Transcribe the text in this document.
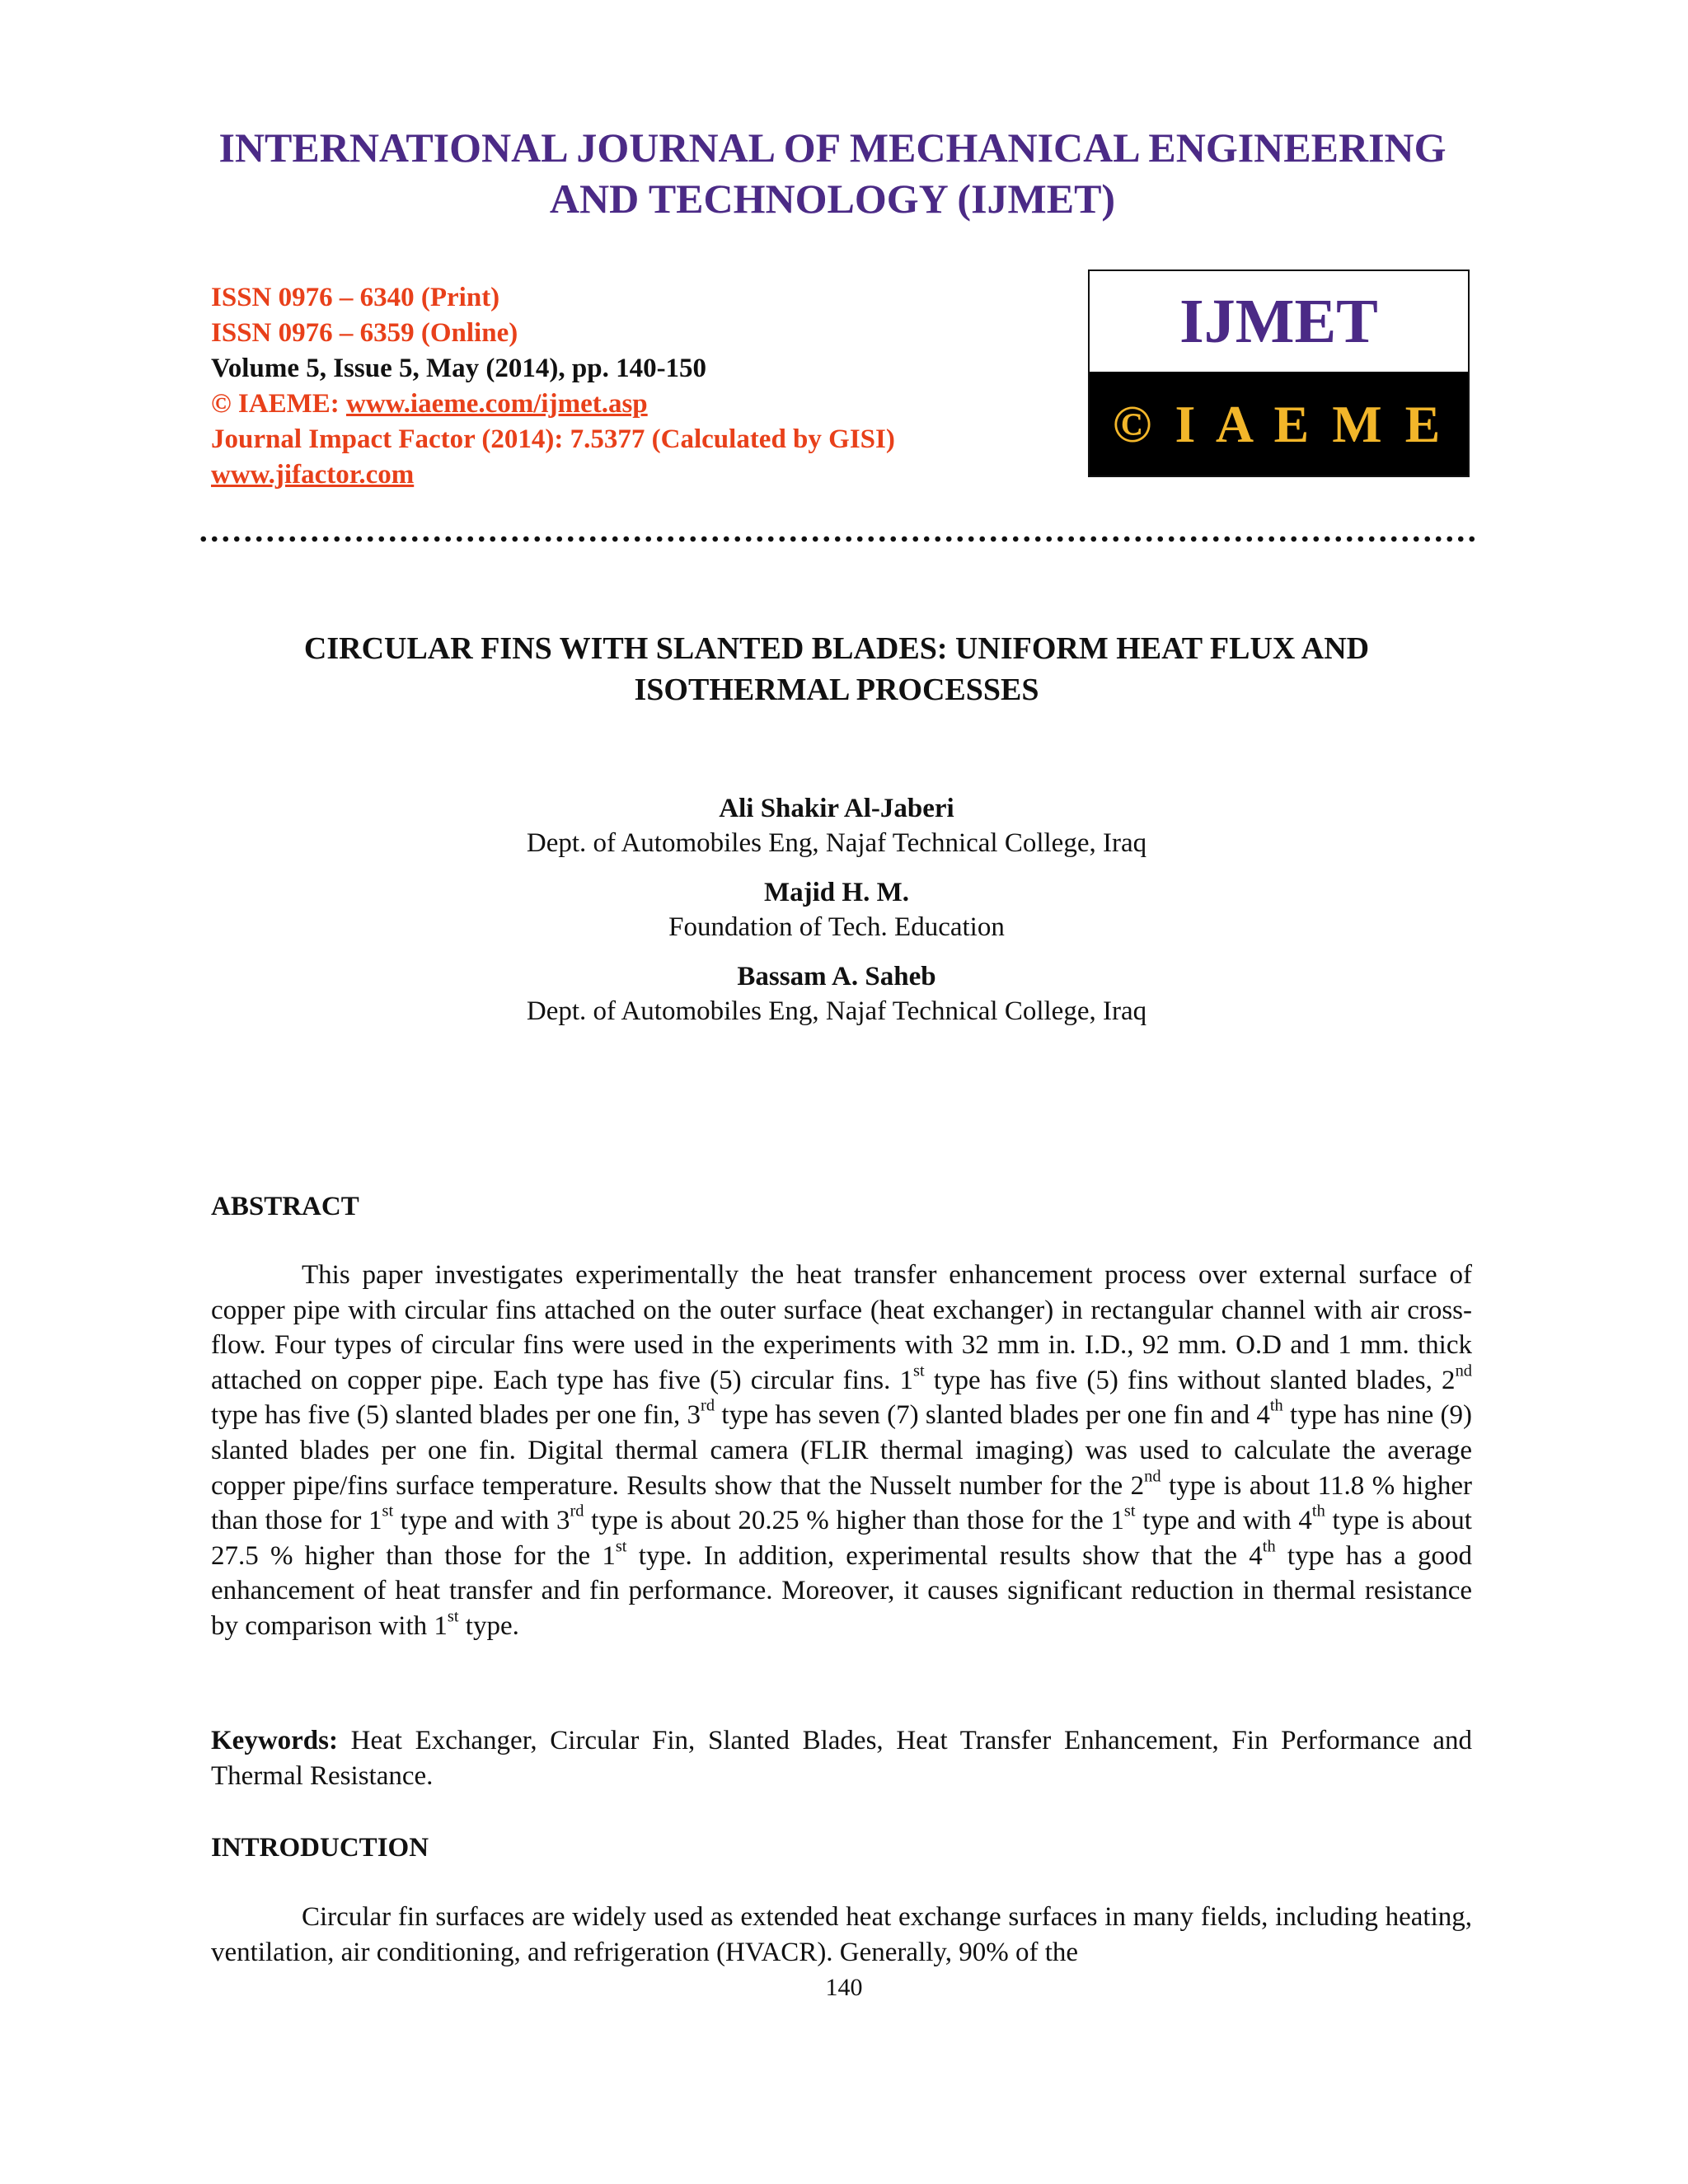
INTERNATIONAL JOURNAL OF MECHANICAL ENGINEERING
AND TECHNOLOGY (IJMET)
ISSN 0976 – 6340 (Print)
ISSN 0976 – 6359 (Online)
Volume 5, Issue 5, May (2014), pp. 140-150
© IAEME: www.iaeme.com/ijmet.asp
Journal Impact Factor (2014): 7.5377 (Calculated by GISI)
www.jifactor.com
IJMET
© I A E M E
CIRCULAR FINS WITH SLANTED BLADES: UNIFORM HEAT FLUX AND
ISOTHERMAL PROCESSES
Ali Shakir Al-Jaberi
Dept. of Automobiles Eng, Najaf Technical College, Iraq
Majid H. M.
Foundation of Tech. Education
Bassam A. Saheb
Dept. of Automobiles Eng, Najaf Technical College, Iraq
ABSTRACT

This paper investigates experimentally the heat transfer enhancement process over external surface of copper pipe with circular fins attached on the outer surface (heat exchanger) in rectangular channel with air cross-flow. Four types of circular fins were used in the experiments with 32 mm in. I.D., 92 mm. O.D and 1 mm. thick attached on copper pipe. Each type has five (5) circular fins. 1st type has five (5) fins without slanted blades, 2nd type has five (5) slanted blades per one fin, 3rd type has seven (7) slanted blades per one fin and 4th type has nine (9) slanted blades per one fin. Digital thermal camera (FLIR thermal imaging) was used to calculate the average copper pipe/fins surface temperature. Results show that the Nusselt number for the 2nd type is about 11.8 % higher than those for 1st type and with 3rd type is about 20.25 % higher than those for the 1st type and with 4th type is about 27.5 % higher than those for the 1st type. In addition, experimental results show that the 4th type has a good enhancement of heat transfer and fin performance. Moreover, it causes significant reduction in thermal resistance by comparison with 1st type.

Keywords: Heat Exchanger, Circular Fin, Slanted Blades, Heat Transfer Enhancement, Fin Performance and Thermal Resistance.

INTRODUCTION

Circular fin surfaces are widely used as extended heat exchange surfaces in many fields, including heating, ventilation, air conditioning, and refrigeration (HVACR). Generally, 90% of the

140
